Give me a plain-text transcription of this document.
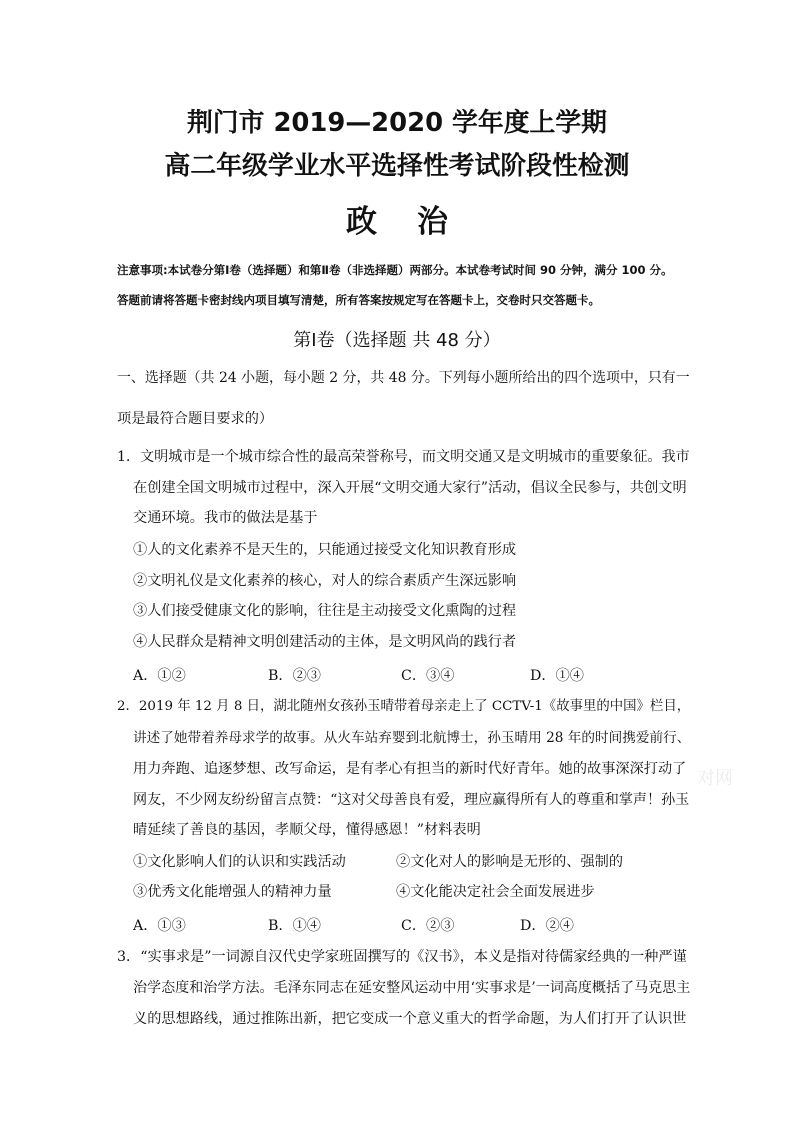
荆门市 2019—2020 学年度上学期
高二年级学业水平选择性考试阶段性检测
政治
注意事项:本试卷分第Ⅰ卷（选择题）和第Ⅱ卷（非选择题）两部分。本试卷考试时间 90 分钟，满分 100 分。
答题前请将答题卡密封线内项目填写清楚，所有答案按规定写在答题卡上，交卷时只交答题卡。
第Ⅰ卷（选择题 共 48 分）
一、选择题（共 24 小题，每小题 2 分，共 48 分。下列每小题所给出的四个选项中，只有一
项是最符合题目要求的）
1．文明城市是一个城市综合性的最高荣誉称号，而文明交通又是文明城市的重要象征。我市
在创建全国文明城市过程中，深入开展“文明交通大家行”活动，倡议全民参与，共创文明
交通环境。我市的做法是基于
①人的文化素养不是天生的，只能通过接受文化知识教育形成
②文明礼仪是文化素养的核心，对人的综合素质产生深远影响
③人们接受健康文化的影响，往往是主动接受文化熏陶的过程
④人民群众是精神文明创建活动的主体，是文明风尚的践行者
A．①②	B．②③	C．③④	D．①④
2．2019 年 12 月 8 日，湖北随州女孩孙玉晴带着母亲走上了 CCTV-1《故事里的中国》栏目，
讲述了她带着养母求学的故事。从火车站弃婴到北航博士，孙玉晴用 28 年的时间携爱前行、
用力奔跑、追逐梦想、改写命运，是有孝心有担当的新时代好青年。她的故事深深打动了
网友，不少网友纷纷留言点赞：“这对父母善良有爱，理应赢得所有人的尊重和掌声！孙玉
晴延续了善良的基因，孝顺父母，懂得感恩！”材料表明
①文化影响人们的认识和实践活动	②文化对人的影响是无形的、强制的
③优秀文化能增强人的精神力量	④文化能决定社会全面发展进步
A．①③	B．①④	C．②③	D．②④
3．“实事求是”一词源自汉代史学家班固撰写的《汉书》，本义是指对待儒家经典的一种严谨
治学态度和治学方法。毛泽东同志在延安整风运动中用‘实事求是’一词高度概括了马克思主
义的思想路线，通过推陈出新，把它变成一个意义重大的哲学命题，为人们打开了认识世
对网
